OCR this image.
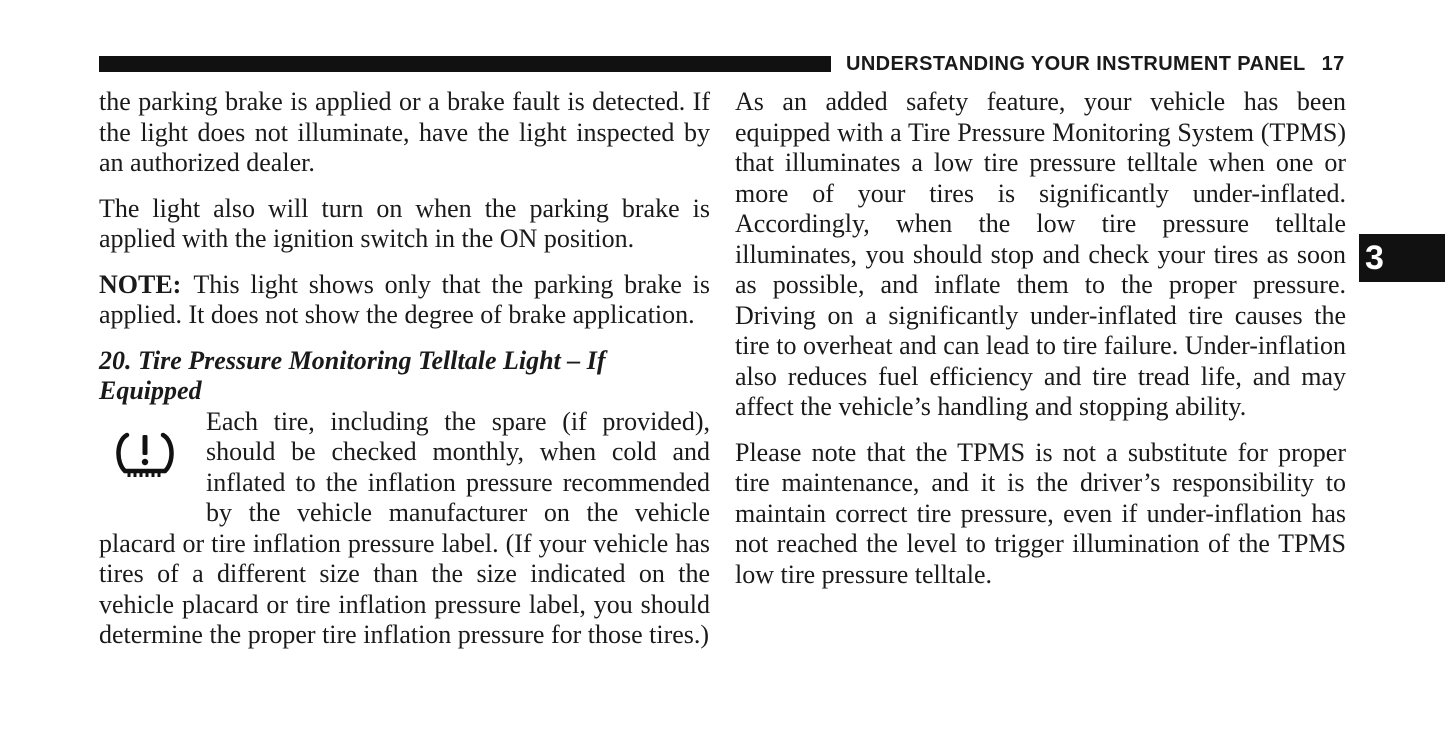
UNDERSTANDING YOUR INSTRUMENT PANEL 17
3

the parking brake is applied or a brake fault is detected. If the light does not illuminate, have the light inspected by an authorized dealer.

The light also will turn on when the parking brake is applied with the ignition switch in the ON position.

NOTE: This light shows only that the parking brake is applied. It does not show the degree of brake application.

20. Tire Pressure Monitoring Telltale Light – If Equipped

Each tire, including the spare (if provided), should be checked monthly, when cold and inflated to the inflation pressure recommended by the vehicle manufacturer on the vehicle placard or tire inflation pressure label. (If your vehicle has tires of a different size than the size indicated on the vehicle placard or tire inflation pressure label, you should determine the proper tire inflation pressure for those tires.)

As an added safety feature, your vehicle has been equipped with a Tire Pressure Monitoring System (TPMS) that illuminates a low tire pressure telltale when one or more of your tires is significantly under-inflated. Accordingly, when the low tire pressure telltale illuminates, you should stop and check your tires as soon as possible, and inflate them to the proper pressure. Driving on a significantly under-inflated tire causes the tire to overheat and can lead to tire failure. Under-inflation also reduces fuel efficiency and tire tread life, and may affect the vehicle’s handling and stopping ability.

Please note that the TPMS is not a substitute for proper tire maintenance, and it is the driver’s responsibility to maintain correct tire pressure, even if under-inflation has not reached the level to trigger illumination of the TPMS low tire pressure telltale.
